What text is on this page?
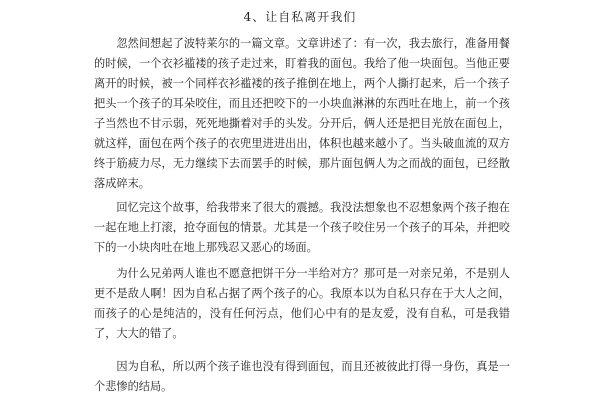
4、让自私离开我们

忽然间想起了波特莱尔的一篇文章。文章讲述了：有一次，我去旅行，准备用餐的时候，一个衣衫褴褛的孩子走过来，盯着我的面包。我给了他一块面包。当他正要离开的时候，被一个同样衣衫褴褛的孩子推倒在地上，两个人撕打起来，后一个孩子把头一个孩子的耳朵咬住，而且还把咬下的一小块血淋淋的东西吐在地上，前一个孩子当然也不甘示弱，死死地撕着对手的头发。分开后，俩人还是把目光放在面包上，就这样，面包在两个孩子的衣兜里进进出出，体积也越来越小了。当头破血流的双方终于筋疲力尽，无力继续下去而罢手的时候，那片面包俩人为之而战的面包，已经散落成碎末。

回忆完这个故事，给我带来了很大的震撼。我没法想象也不忍想象两个孩子抱在一起在地上打滚，抢夺面包的情景。尤其是一个孩子咬住另一个孩子的耳朵，并把咬下的一小块肉吐在地上那残忍又恶心的场面。

为什么兄弟两人谁也不愿意把饼干分一半给对方？那可是一对亲兄弟，不是别人更不是敌人啊！因为自私占据了两个孩子的心。我原本以为自私只存在于大人之间，而孩子的心是纯洁的，没有任何污点，他们心中有的是友爱，没有自私，可是我错了，大大的错了。

因为自私，所以两个孩子谁也没有得到面包，而且还被彼此打得一身伤，真是一个悲惨的结局。
